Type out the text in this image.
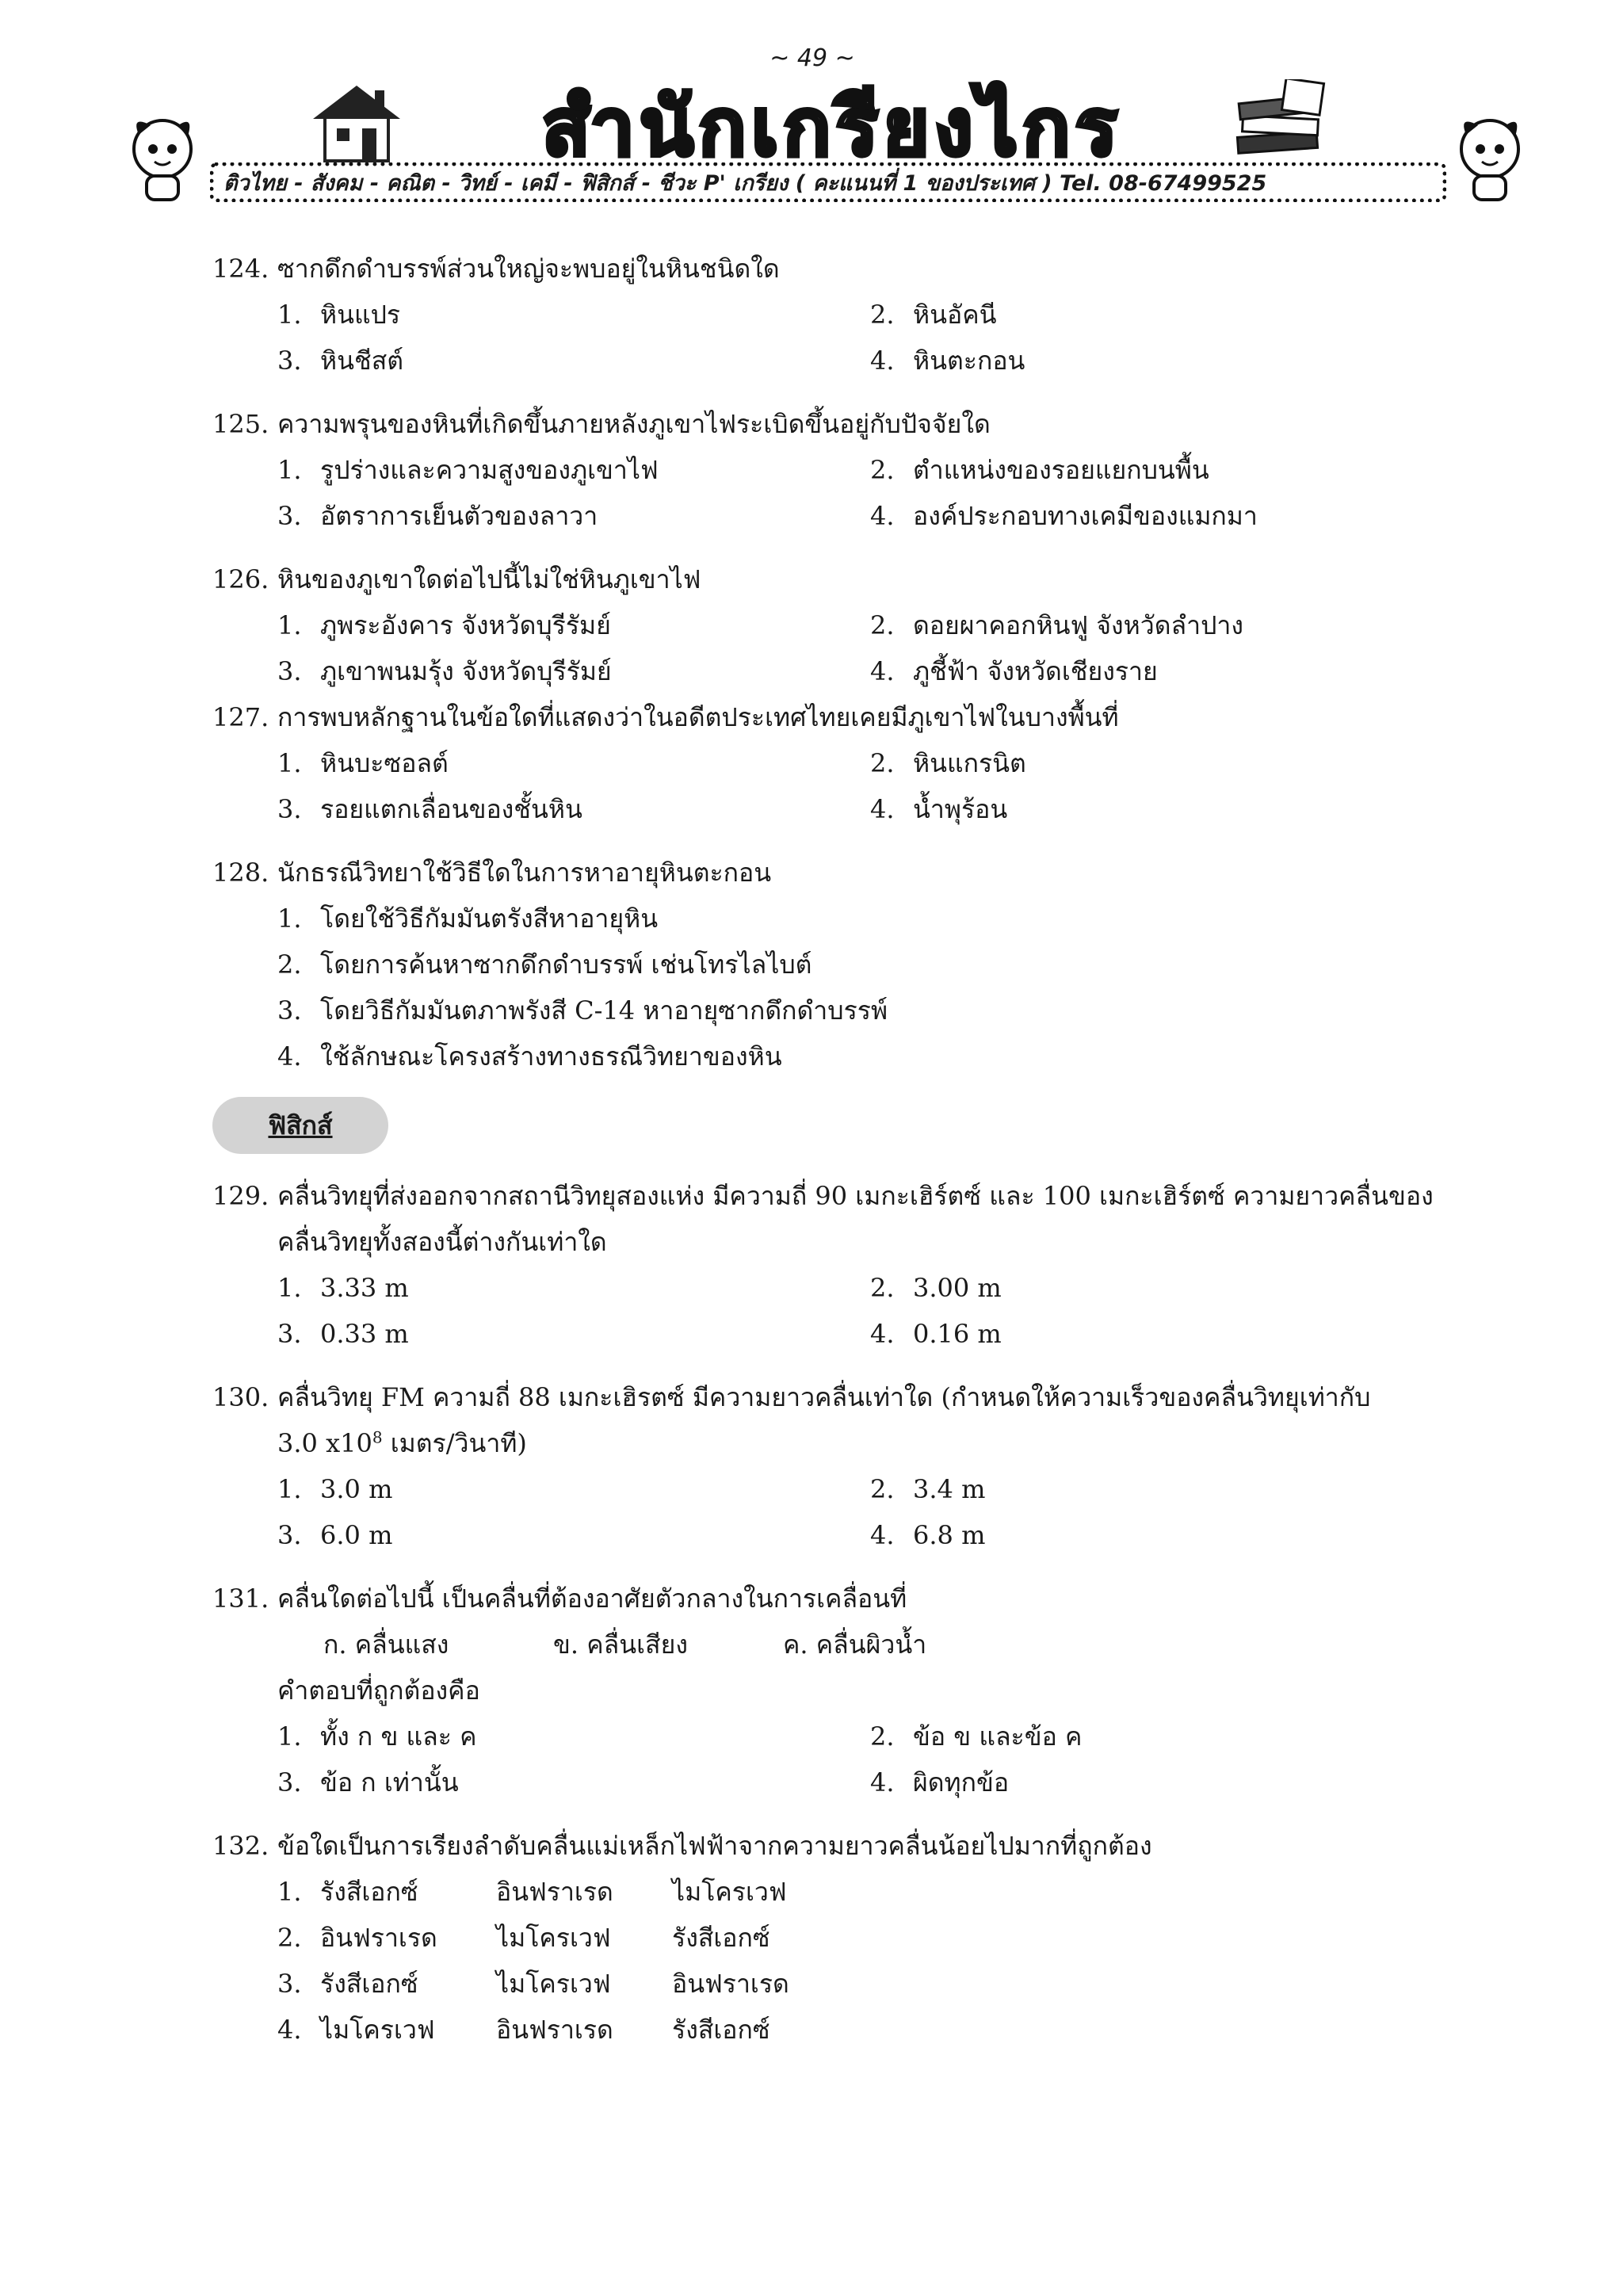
~ 49 ~
สำนักเกรียงไกร
ติวไทย - สังคม - คณิต - วิทย์ - เคมี - ฟิสิกส์ - ชีวะ P' เกรียง ( คะแนนที่ 1 ของประเทศ ) Tel. 08-67499525
124. ซากดึกดำบรรพ์ส่วนใหญ่จะพบอยู่ในหินชนิดใด
1. หินแปร	2. หินอัคนี
3. หินชีสต์	4. หินตะกอน
125. ความพรุนของหินที่เกิดขึ้นภายหลังภูเขาไฟระเบิดขึ้นอยู่กับปัจจัยใด
1. รูปร่างและความสูงของภูเขาไฟ	2. ตำแหน่งของรอยแยกบนพื้น
3. อัตราการเย็นตัวของลาวา	4. องค์ประกอบทางเคมีของแมกมา
126. หินของภูเขาใดต่อไปนี้ไม่ใช่หินภูเขาไฟ
1. ภูพระอังคาร จังหวัดบุรีรัมย์	2. ดอยผาคอกหินฟู จังหวัดลำปาง
3. ภูเขาพนมรุ้ง จังหวัดบุรีรัมย์	4. ภูชี้ฟ้า จังหวัดเชียงราย
127. การพบหลักฐานในข้อใดที่แสดงว่าในอดีตประเทศไทยเคยมีภูเขาไฟในบางพื้นที่
1. หินบะซอลต์	2. หินแกรนิต
3. รอยแตกเลื่อนของชั้นหิน	4. น้ำพุร้อน
128. นักธรณีวิทยาใช้วิธีใดในการหาอายุหินตะกอน
1. โดยใช้วิธีกัมมันตรังสีหาอายุหิน
2. โดยการค้นหาซากดึกดำบรรพ์ เช่นโทรไลไบต์
3. โดยวิธีกัมมันตภาพรังสี C-14 หาอายุซากดึกดำบรรพ์
4. ใช้ลักษณะโครงสร้างทางธรณีวิทยาของหิน
ฟิสิกส์
129. คลื่นวิทยุที่ส่งออกจากสถานีวิทยุสองแห่ง มีความถี่ 90 เมกะเฮิร์ตซ์ และ 100 เมกะเฮิร์ตซ์ ความยาวคลื่นของ
คลื่นวิทยุทั้งสองนี้ต่างกันเท่าใด
1. 3.33 m	2. 3.00 m
3. 0.33 m	4. 0.16 m
130. คลื่นวิทยุ FM ความถี่ 88 เมกะเฮิรตซ์ มีความยาวคลื่นเท่าใด (กำหนดให้ความเร็วของคลื่นวิทยุเท่ากับ
3.0 $x10^8$ เมตร/วินาที)
1. 3.0 m	2. 3.4 m
3. 6.0 m	4. 6.8 m
131. คลื่นใดต่อไปนี้ เป็นคลื่นที่ต้องอาศัยตัวกลางในการเคลื่อนที่
ก. คลื่นแสง	ข. คลื่นเสียง	ค. คลื่นผิวน้ำ
คำตอบที่ถูกต้องคือ
1. ทั้ง ก ข และ ค	2. ข้อ ข และข้อ ค
3. ข้อ ก เท่านั้น	4. ผิดทุกข้อ
132. ข้อใดเป็นการเรียงลำดับคลื่นแม่เหล็กไฟฟ้าจากความยาวคลื่นน้อยไปมากที่ถูกต้อง
1. รังสีเอกซ์	อินฟราเรด ไมโครเวฟ
2. อินฟราเรด ไมโครเวฟ รังสีเอกซ์
3. รังสีเอกซ์	ไมโครเวฟ อินฟราเรด
4. ไมโครเวฟ อินฟราเรด รังสีเอกซ์
